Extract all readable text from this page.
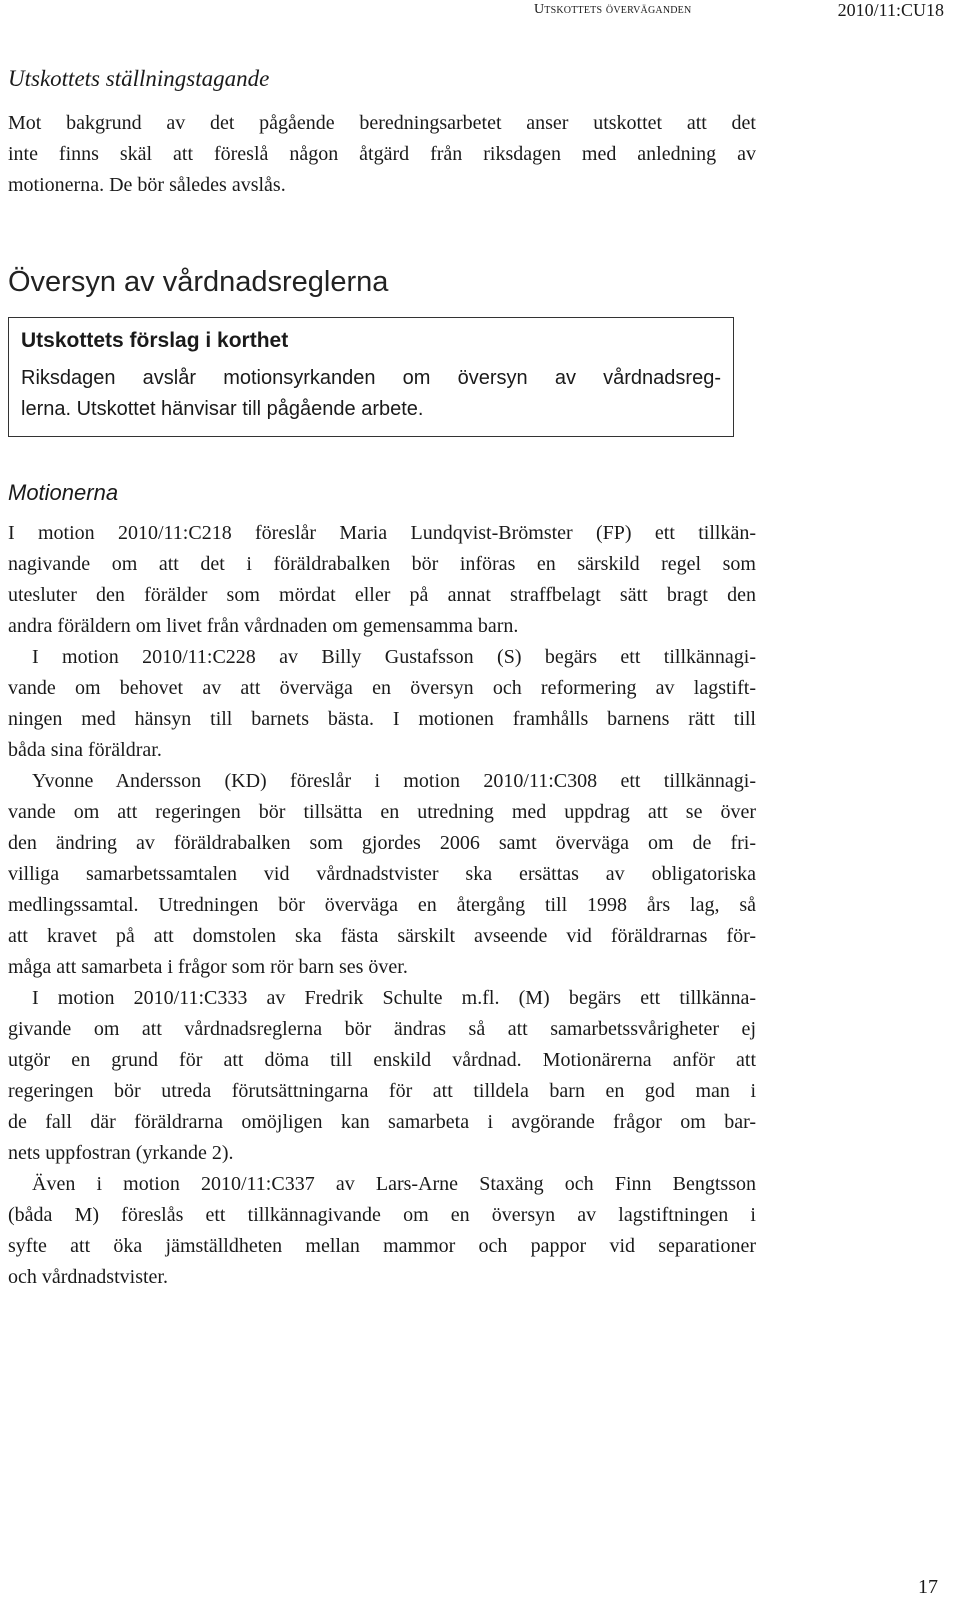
Utskottets överväganden	2010/11:CU18
Utskottets ställningstagande
Mot bakgrund av det pågående beredningsarbetet anser utskottet att det
inte finns skäl att föreslå någon åtgärd från riksdagen med anledning av
motionerna. De bör således avslås.
Översyn av vårdnadsreglerna
Utskottets förslag i korthet
Riksdagen avslår motionsyrkanden om översyn av vårdnadsreg-
lerna. Utskottet hänvisar till pågående arbete.
Motionerna
I motion 2010/11:C218 föreslår Maria Lundqvist-Brömster (FP) ett tillkän-
nagivande om att det i föräldrabalken bör införas en särskild regel som
utesluter den förälder som mördat eller på annat straffbelagt sätt bragt den
andra föräldern om livet från vårdnaden om gemensamma barn.
I motion 2010/11:C228 av Billy Gustafsson (S) begärs ett tillkännagi-
vande om behovet av att överväga en översyn och reformering av lagstift-
ningen med hänsyn till barnets bästa. I motionen framhålls barnens rätt till
båda sina föräldrar.
Yvonne Andersson (KD) föreslår i motion 2010/11:C308 ett tillkännagi-
vande om att regeringen bör tillsätta en utredning med uppdrag att se över
den ändring av föräldrabalken som gjordes 2006 samt överväga om de fri-
villiga samarbetssamtalen vid vårdnadstvister ska ersättas av obligatoriska
medlingssamtal. Utredningen bör överväga en återgång till 1998 års lag, så
att kravet på att domstolen ska fästa särskilt avseende vid föräldrarnas för-
måga att samarbeta i frågor som rör barn ses över.
I motion 2010/11:C333 av Fredrik Schulte m.fl. (M) begärs ett tillkänna-
givande om att vårdnadsreglerna bör ändras så att samarbetssvårigheter ej
utgör en grund för att döma till enskild vårdnad. Motionärerna anför att
regeringen bör utreda förutsättningarna för att tilldela barn en god man i
de fall där föräldrarna omöjligen kan samarbeta i avgörande frågor om bar-
nets uppfostran (yrkande 2).
Även i motion 2010/11:C337 av Lars-Arne Staxäng och Finn Bengtsson
(båda M) föreslås ett tillkännagivande om en översyn av lagstiftningen i
syfte att öka jämställdheten mellan mammor och pappor vid separationer
och vårdnadstvister.
17
